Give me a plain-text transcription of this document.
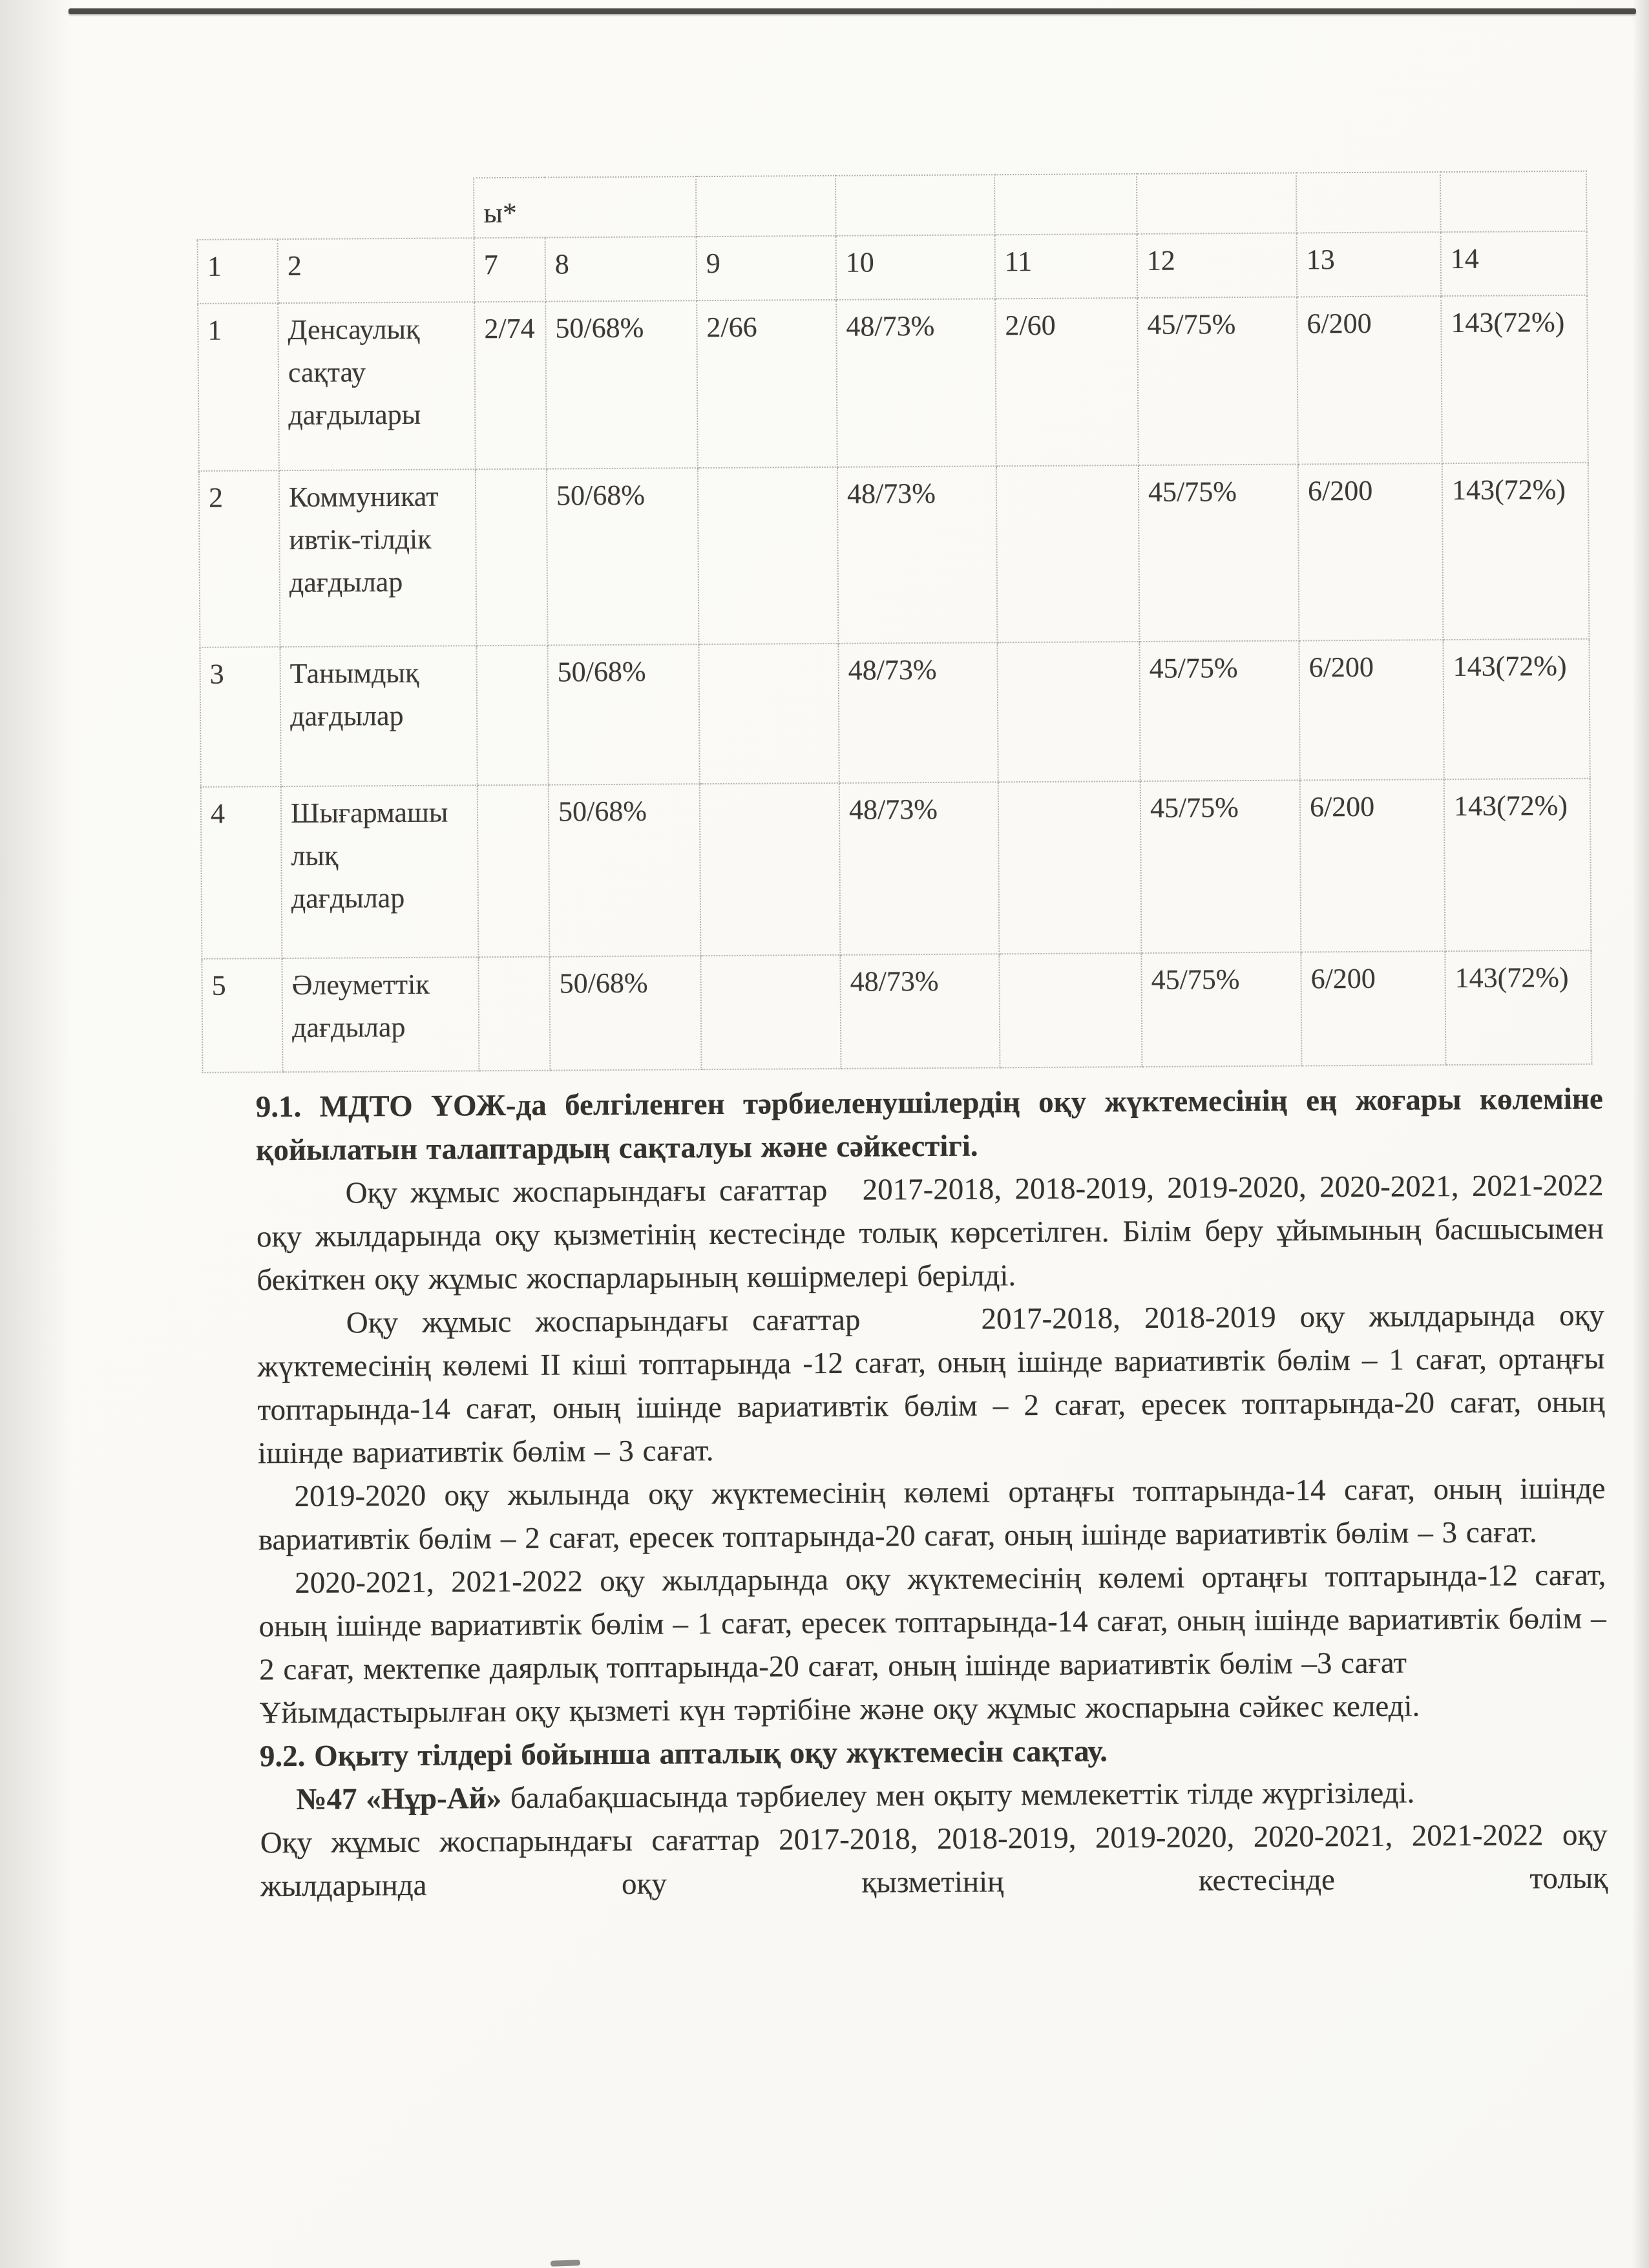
		ы*							
1	2	7	8	9	10	11	12	13	14
1	Денсаулық
сақтау
дағдылары	2/74	50/68%	2/66	48/73%	2/60	45/75%	6/200	143(72%)
2	Коммуникат
ивтік-тілдік
дағдылар		50/68%		48/73%		45/75%	6/200	143(72%)
3	Танымдық
дағдылар		50/68%		48/73%		45/75%	6/200	143(72%)
4	Шығармашы
лық
дағдылар		50/68%		48/73%		45/75%	6/200	143(72%)
5	Әлеуметтік
дағдылар		50/68%		48/73%		45/75%	6/200	143(72%)

9.1. МДТО ҮОЖ-да белгіленген тәрбиеленушілердің оқу жүктемесінің ең жоғары көлеміне қойылатын талаптардың сақталуы және сәйкестігі.

Оқу жұмыс жоспарындағы сағаттар 2017-2018, 2018-2019, 2019-2020, 2020-2021, 2021-2022 оқу жылдарында оқу қызметінің кестесінде толық көрсетілген. Білім беру ұйымының басшысымен бекіткен оқу жұмыс жоспарларының көшірмелері берілді.

Оқу жұмыс жоспарындағы сағаттар	2017-2018, 2018-2019 оқу жылдарында оқу жүктемесінің көлемі II кіші топтарында -12 сағат, оның ішінде вариативтік бөлім – 1 сағат, ортаңғы топтарында-14 сағат, оның ішінде вариативтік бөлім – 2 сағат, ересек топтарында-20 сағат, оның ішінде вариативтік бөлім – 3 сағат.

2019-2020 оқу жылында оқу жүктемесінің көлемі ортаңғы топтарында-14 сағат, оның ішінде вариативтік бөлім – 2 сағат, ересек топтарында-20 сағат, оның ішінде вариативтік бөлім – 3 сағат.

2020-2021, 2021-2022 оқу жылдарында оқу жүктемесінің көлемі ортаңғы топтарында-12 сағат, оның ішінде вариативтік бөлім – 1 сағат, ересек топтарында-14 сағат, оның ішінде вариативтік бөлім –2 сағат, мектепке даярлық топтарында-20 сағат, оның ішінде вариативтік бөлім –3 сағат

Ұйымдастырылған оқу қызметі күн тәртібіне және оқу жұмыс жоспарына сәйкес келеді.

9.2. Оқыту тілдері бойынша апталық оқу жүктемесін сақтау.

№47 «Нұр-Ай» балабақшасында тәрбиелеу мен оқыту мемлекеттік тілде жүргізіледі.

Оқу жұмыс жоспарындағы сағаттар 2017-2018, 2018-2019, 2019-2020, 2020-2021, 2021-2022 оқу жылдарында оқу қызметінің кестесінде толық
